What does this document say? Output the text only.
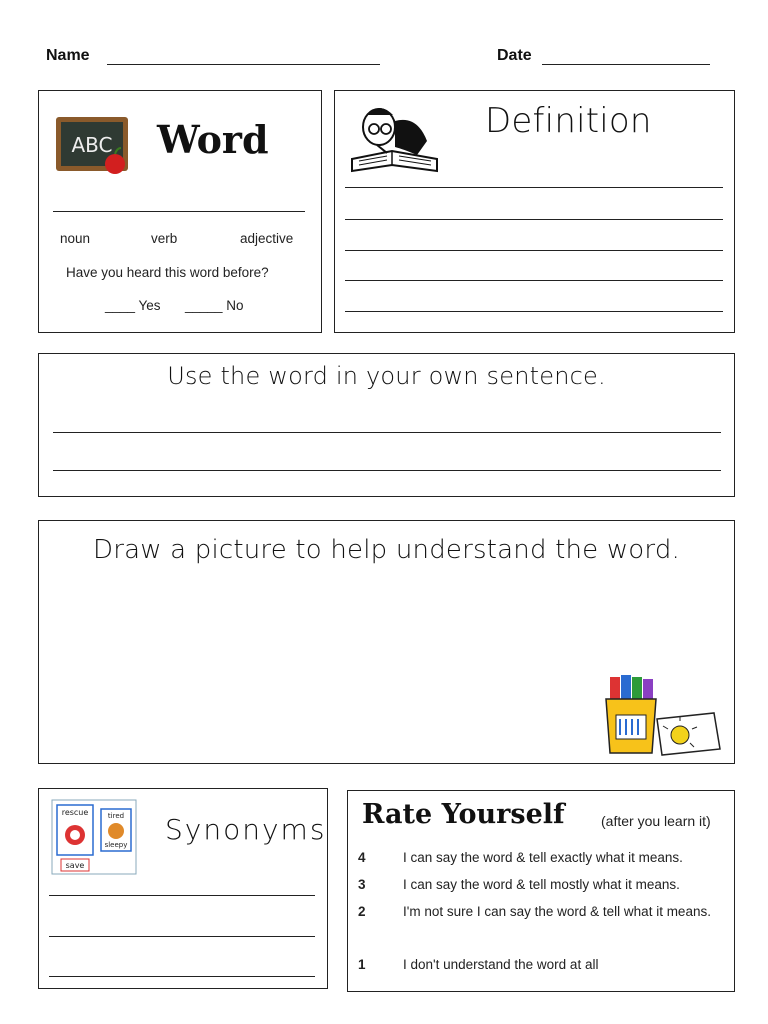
Name	Date
ABC Word
noun	verb	adjective
Have you heard this word before?
____ Yes _____ No
Definition
Use the word in your own sentence.
Draw a picture to help understand the word.
rescue
save
tired
sleepy Synonyms Rate Yourself	(after you learn it)
4	I can say the word & tell exactly what it means.
3	I can say the word & tell mostly what it means.
2	I'm not sure I can say the word & tell what it means.
1	I don't understand the word at all
